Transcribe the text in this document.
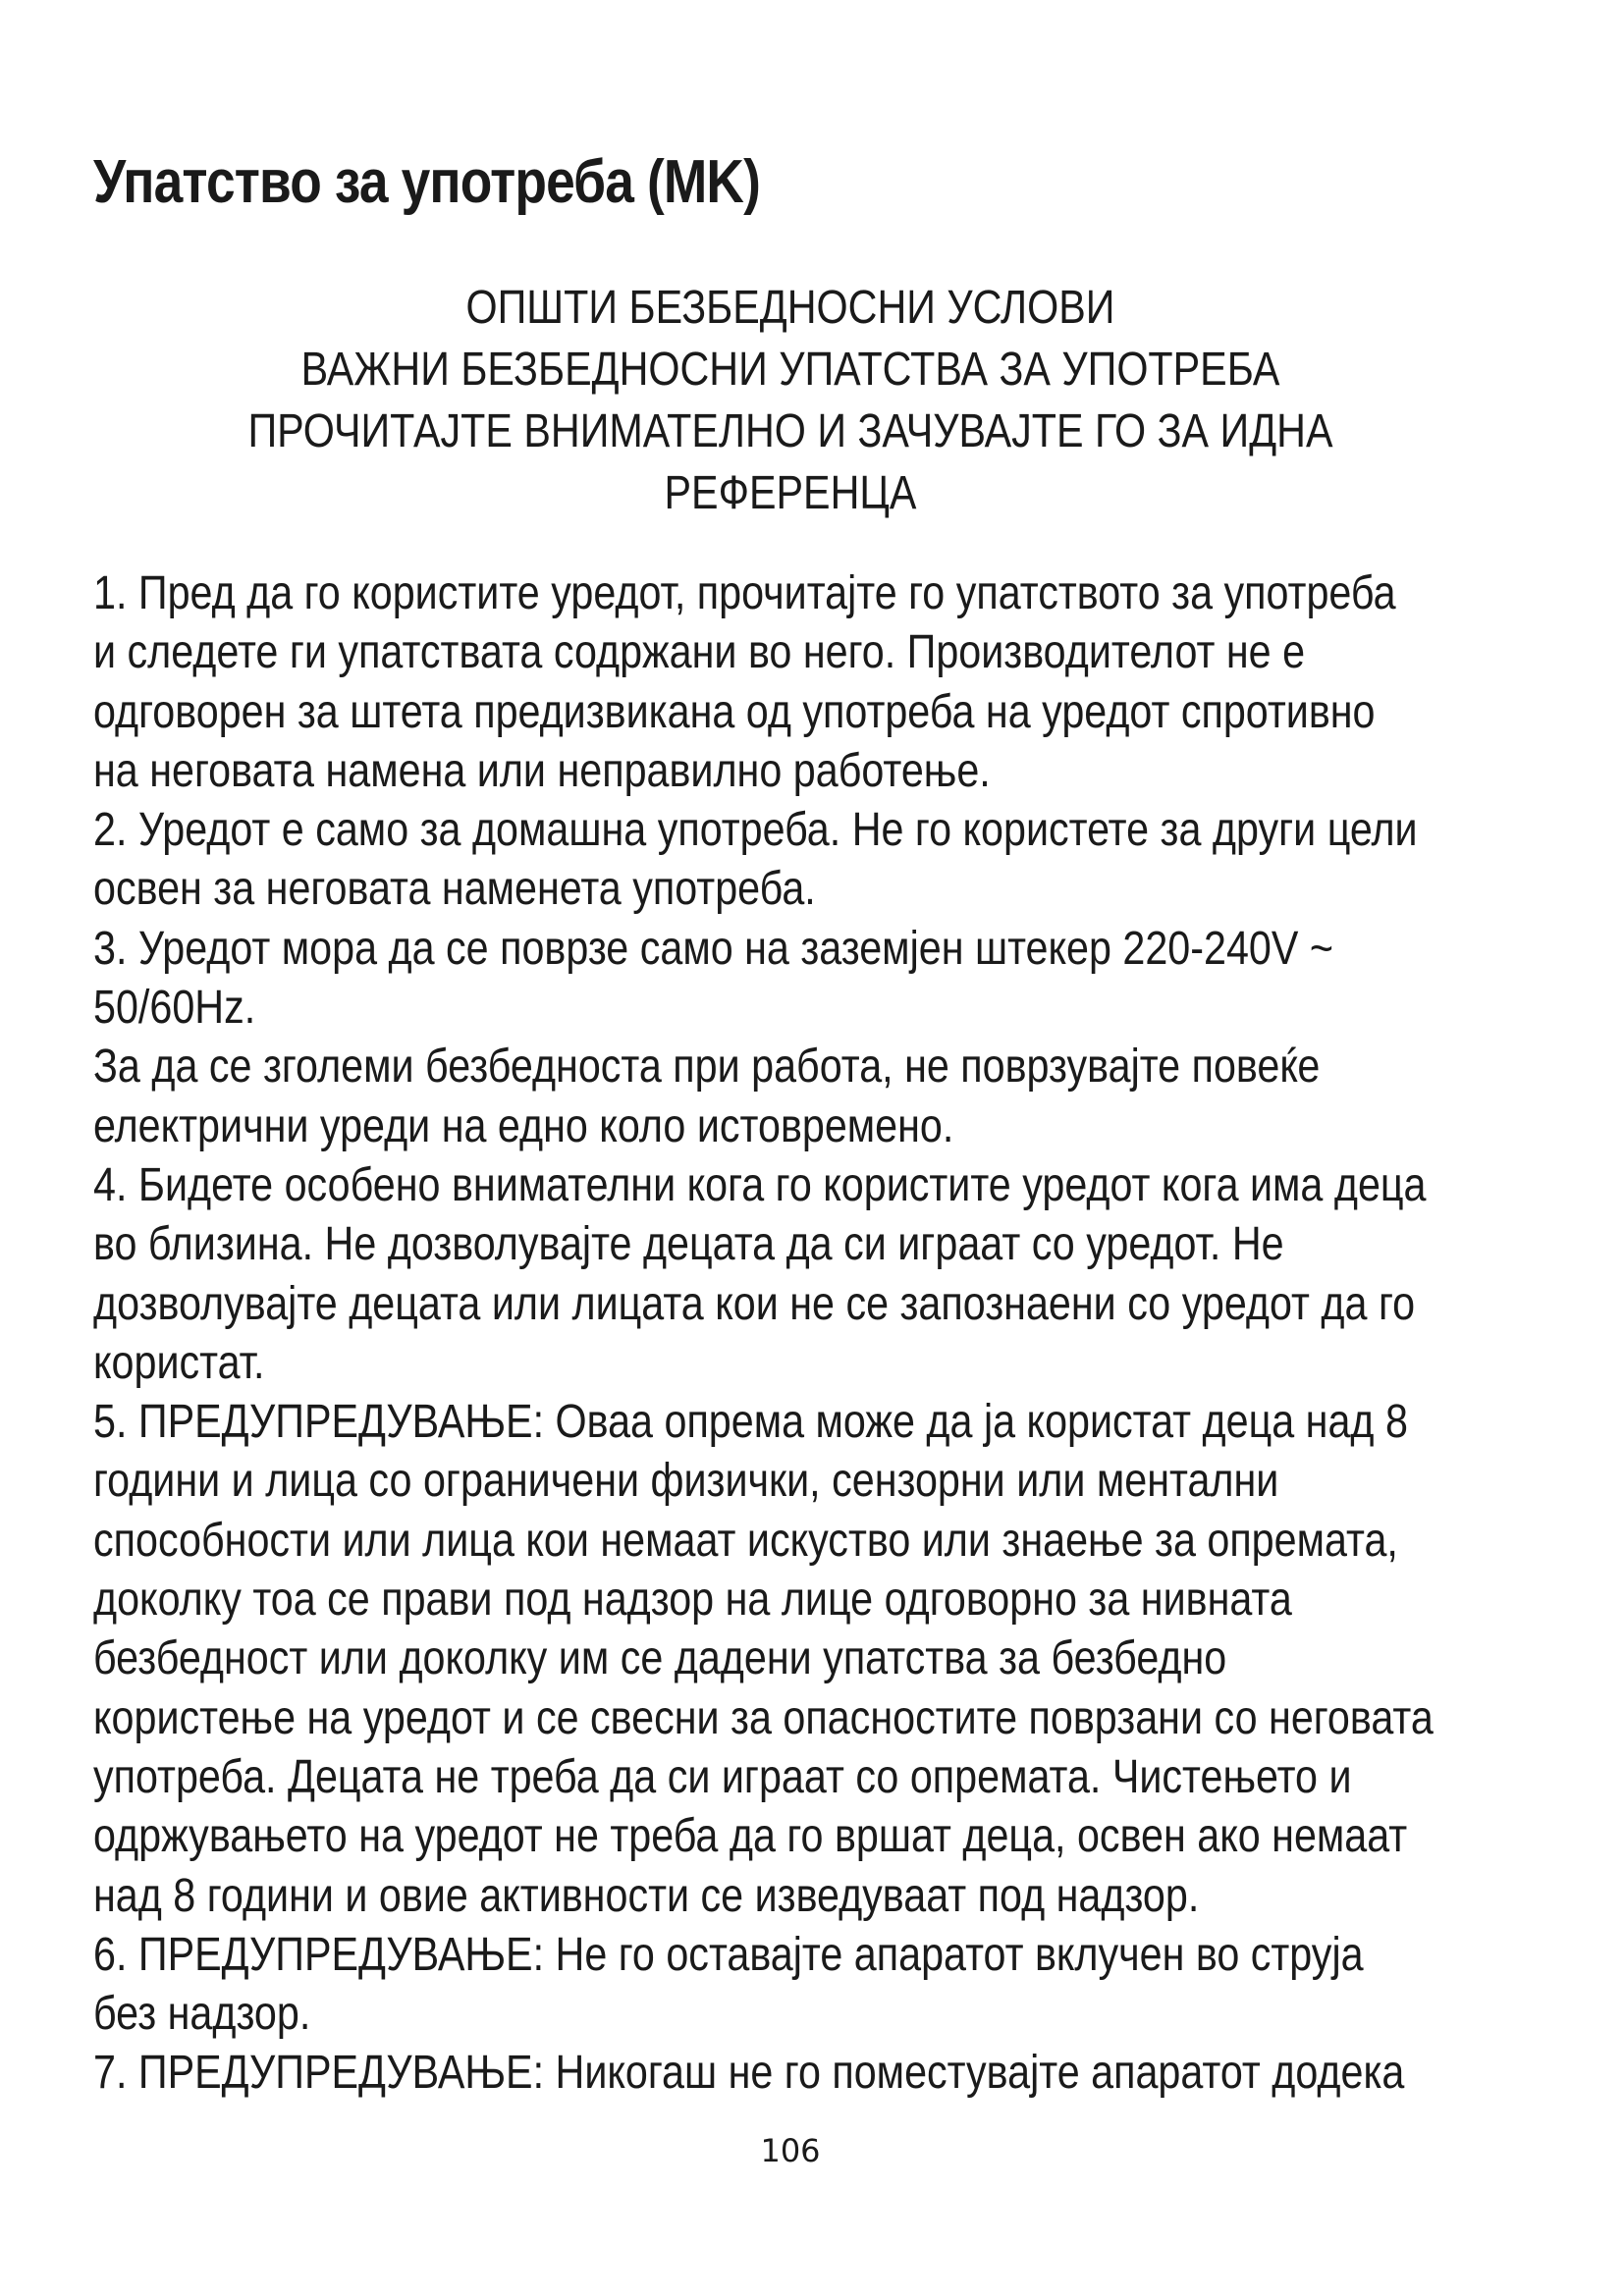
Упатство за употреба (MK)
ОПШТИ БЕЗБЕДНОСНИ УСЛОВИ
ВАЖНИ БЕЗБЕДНОСНИ УПАТСТВА ЗА УПОТРЕБА
ПРОЧИТАЈТЕ ВНИМАТЕЛНО И ЗАЧУВАЈТЕ ГО ЗА ИДНА
РЕФЕРЕНЦА
1. Пред да го користите уредот, прочитајте го упатството за употреба
и следете ги упатствата содржани во него. Производителот не е
одговорен за штета предизвикана од употреба на уредот спротивно
на неговата намена или неправилно работење.
2. Уредот е само за домашна употреба. Не го користете за други цели
освен за неговата наменета употреба.
3. Уредот мора да се поврзе само на заземјен штекер 220-240V ~
50/60Hz.
За да се зголеми безбедноста при работа, не поврзувајте повеќе
електрични уреди на едно коло истовремено.
4. Бидете особено внимателни кога го користите уредот кога има деца
во близина. Не дозволувајте децата да си играат со уредот. Не
дозволувајте децата или лицата кои не се запознаени со уредот да го
користат.
5. ПРЕДУПРЕДУВАЊЕ: Оваа опрема може да ја користат деца над 8
години и лица со ограничени физички, сензорни или ментални
способности или лица кои немаат искуство или знаење за опремата,
доколку тоа се прави под надзор на лице одговорно за нивната
безбедност или доколку им се дадени упатства за безбедно
користење на уредот и се свесни за опасностите поврзани со неговата
употреба. Децата не треба да си играат со опремата. Чистењето и
одржувањето на уредот не треба да го вршат деца, освен ако немаат
над 8 години и овие активности се изведуваат под надзор.
6. ПРЕДУПРЕДУВАЊЕ: Не го оставајте апаратот вклучен во струја
без надзор.
7. ПРЕДУПРЕДУВАЊЕ: Никогаш не го поместувајте апаратот додека

106
